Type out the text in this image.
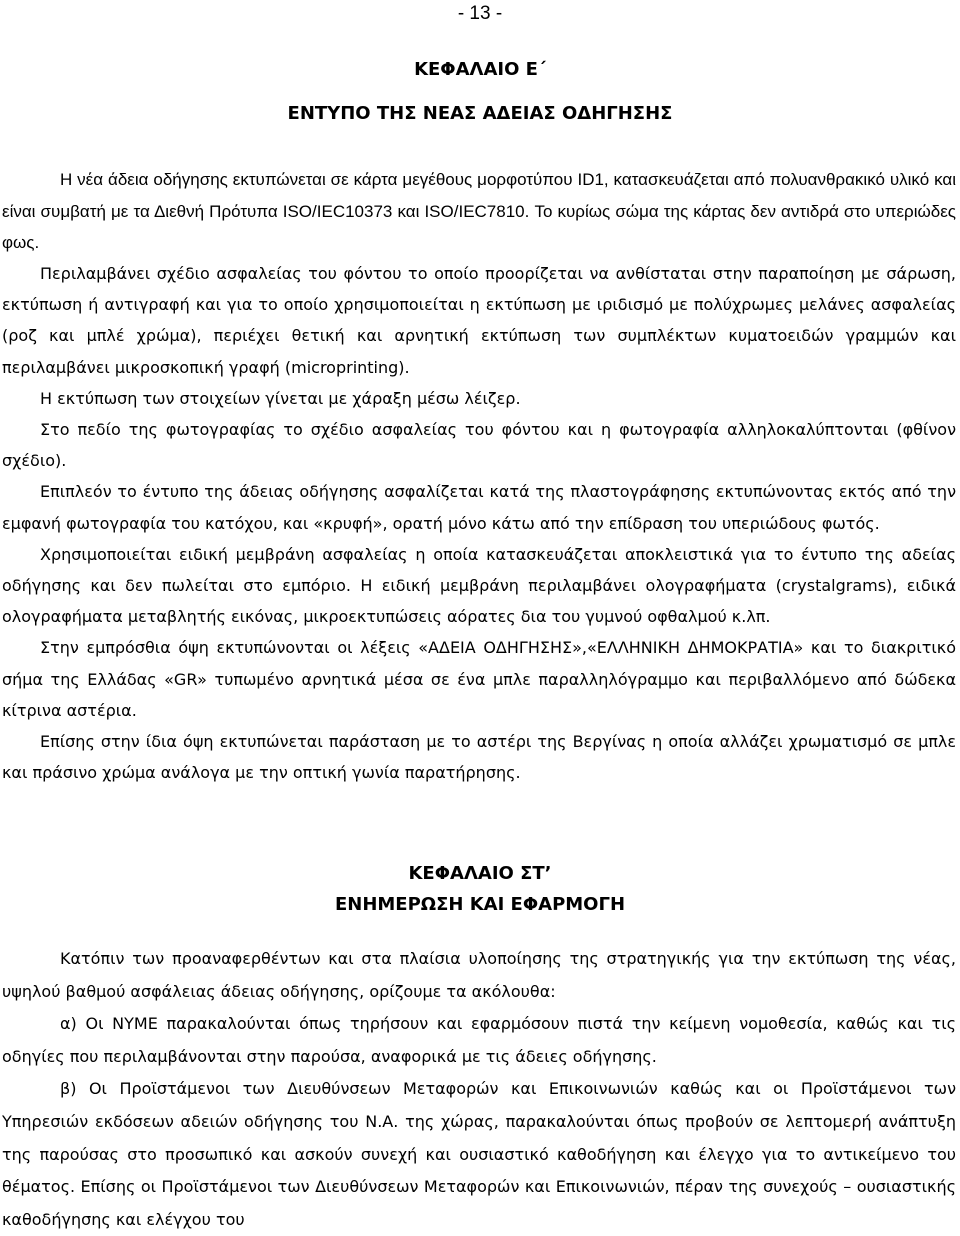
- 13 -
ΚΕΦΑΛΑΙΟ Ε΄
ΕΝΤΥΠΟ ΤΗΣ ΝΕΑΣ ΑΔΕΙΑΣ ΟΔΗΓΗΣΗΣ

Η νέα άδεια οδήγησης εκτυπώνεται σε κάρτα μεγέθους μορφοτύπου ID1, κατασκευάζεται από πολυανθρακικό υλικό και είναι συμβατή με τα Διεθνή Πρότυπα ISO/IEC10373 και ISO/IEC7810. Το κυρίως σώμα της κάρτας δεν αντιδρά στο υπεριώδες φως.

Περιλαμβάνει σχέδιο ασφαλείας του φόντου το οποίο προορίζεται να ανθίσταται στην παραποίηση με σάρωση, εκτύπωση ή αντιγραφή και για το οποίο χρησιμοποιείται η εκτύπωση με ιριδισμό με πολύχρωμες μελάνες ασφαλείας (ροζ και μπλέ χρώμα), περιέχει θετική και αρνητική εκτύπωση των συμπλέκτων κυματοειδών γραμμών και περιλαμβάνει μικροσκοπική γραφή (microprinting).

Η εκτύπωση των στοιχείων γίνεται με χάραξη μέσω λέιζερ.

Στο πεδίο της φωτογραφίας το σχέδιο ασφαλείας του φόντου και η φωτογραφία αλληλοκαλύπτονται (φθίνον σχέδιο).

Επιπλεόν το έντυπο της άδειας οδήγησης ασφαλίζεται κατά της πλαστογράφησης εκτυπώνοντας εκτός από την εμφανή φωτογραφία του κατόχου, και «κρυφή», ορατή μόνο κάτω από την επίδραση του υπεριώδους φωτός.

Χρησιμοποιείται ειδική μεμβράνη ασφαλείας η οποία κατασκευάζεται αποκλειστικά για το έντυπο της αδείας οδήγησης και δεν πωλείται στο εμπόριο. Η ειδική μεμβράνη περιλαμβάνει ολογραφήματα (crystalgrams), ειδικά ολογραφήματα μεταβλητής εικόνας, μικροεκτυπώσεις αόρατες δια του γυμνού οφθαλμού κ.λπ.

Στην εμπρόσθια όψη εκτυπώνονται οι λέξεις «ΑΔΕΙΑ ΟΔΗΓΗΣΗΣ»,«ΕΛΛΗΝΙΚΗ ΔΗΜΟΚΡΑΤΙΑ» και το διακριτικό σήμα της Ελλάδας «GR» τυπωμένο αρνητικά μέσα σε ένα μπλε παραλληλόγραμμο και περιβαλλόμενο από δώδεκα κίτρινα αστέρια.

Επίσης στην ίδια όψη εκτυπώνεται παράσταση με το αστέρι της Βεργίνας η οποία αλλάζει χρωματισμό σε μπλε και πράσινο χρώμα ανάλογα με την οπτική γωνία παρατήρησης.

ΚΕΦΑΛΑΙΟ ΣΤ’
ΕΝΗΜΕΡΩΣΗ ΚΑΙ ΕΦΑΡΜΟΓΗ

Κατόπιν των προαναφερθέντων και στα πλαίσια υλοποίησης της στρατηγικής για την εκτύπωση της νέας, υψηλού βαθμού ασφάλειας άδειας οδήγησης, ορίζουμε τα ακόλουθα:

α) Οι ΝΥΜΕ παρακαλούνται όπως τηρήσουν και εφαρμόσουν πιστά την κείμενη νομοθεσία, καθώς και τις οδηγίες που περιλαμβάνονται στην παρούσα, αναφορικά με τις άδειες οδήγησης.

β) Οι Προϊστάμενοι των Διευθύνσεων Μεταφορών και Επικοινωνιών καθώς και οι Προϊστάμενοι των Υπηρεσιών εκδόσεων αδειών οδήγησης του Ν.Α. της χώρας, παρακαλούνται όπως προβούν σε λεπτομερή ανάπτυξη της παρούσας στο προσωπικό και ασκούν συνεχή και ουσιαστικό καθοδήγηση και έλεγχο για το αντικείμενο του θέματος. Επίσης οι Προϊστάμενοι των Διευθύνσεων Μεταφορών και Επικοινωνιών, πέραν της συνεχούς – ουσιαστικής καθοδήγησης και ελέγχου του
